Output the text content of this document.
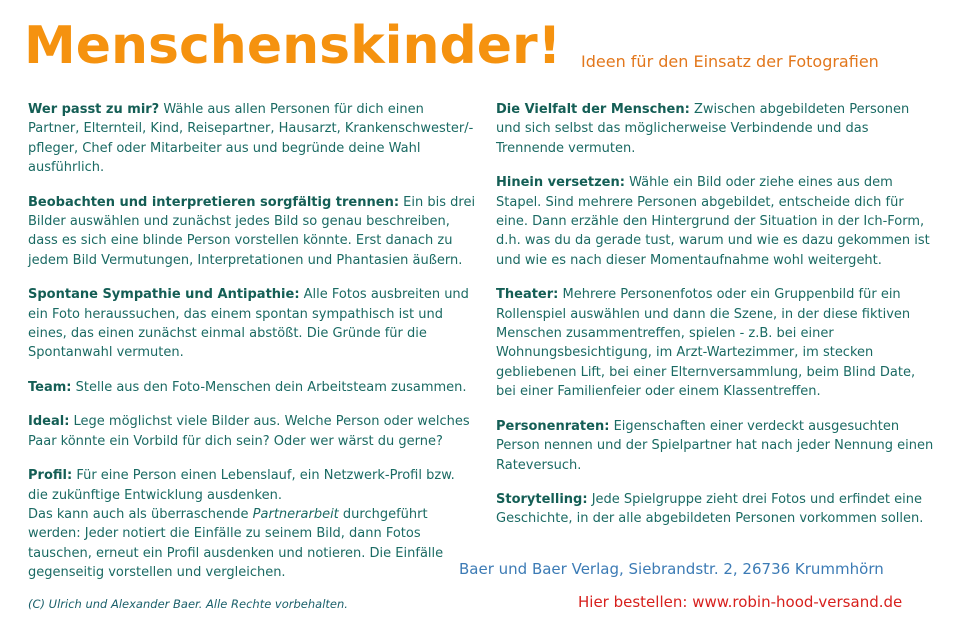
Menschenskinder! Ideen für den Einsatz der Fotografien

Wer passt zu mir? Wähle aus allen Personen für dich einen Partner, Elternteil, Kind, Reisepartner, Hausarzt, Krankenschwester/-pfleger, Chef oder Mitarbeiter aus und begründe deine Wahl ausführlich.

Beobachten und interpretieren sorgfältig trennen: Ein bis drei Bilder auswählen und zunächst jedes Bild so genau beschreiben, dass es sich eine blinde Person vorstellen könnte. Erst danach zu jedem Bild Vermutungen, Interpretationen und Phantasien äußern.

Spontane Sympathie und Antipathie: Alle Fotos ausbreiten und ein Foto heraussuchen, das einem spontan sympathisch ist und eines, das einen zunächst einmal abstößt. Die Gründe für die Spontanwahl vermuten.

Team: Stelle aus den Foto-Menschen dein Arbeitsteam zusammen.

Ideal: Lege möglichst viele Bilder aus. Welche Person oder welches Paar könnte ein Vorbild für dich sein? Oder wer wärst du gerne?

Profil: Für eine Person einen Lebenslauf, ein Netzwerk-Profil bzw. die zukünftige Entwicklung ausdenken.
Das kann auch als überraschende Partnerarbeit durchgeführt werden: Jeder notiert die Einfälle zu seinem Bild, dann Fotos tauschen, erneut ein Profil ausdenken und notieren. Die Einfälle gegenseitig vorstellen und vergleichen.

Die Vielfalt der Menschen: Zwischen abgebildeten Personen und sich selbst das möglicherweise Verbindende und das Trennende vermuten.

Hinein versetzen: Wähle ein Bild oder ziehe eines aus dem Stapel. Sind mehrere Personen abgebildet, entscheide dich für eine. Dann erzähle den Hintergrund der Situation in der Ich-Form, d.h. was du da gerade tust, warum und wie es dazu gekommen ist und wie es nach dieser Momentaufnahme wohl weitergeht.

Theater: Mehrere Personenfotos oder ein Gruppenbild für ein Rollenspiel auswählen und dann die Szene, in der diese fiktiven Menschen zusammentreffen, spielen - z.B. bei einer Wohnungsbesichtigung, im Arzt-Wartezimmer, im stecken gebliebenen Lift, bei einer Elternversammlung, beim Blind Date, bei einer Familienfeier oder einem Klassentreffen.

Personenraten: Eigenschaften einer verdeckt ausgesuchten Person nennen und der Spielpartner hat nach jeder Nennung einen Rateversuch.

Storytelling: Jede Spielgruppe zieht drei Fotos und erfindet eine Geschichte, in der alle abgebildeten Personen vorkommen sollen.

Baer und Baer Verlag, Siebrandstr. 2, 26736 Krummhörn
(C) Ulrich und Alexander Baer. Alle Rechte vorbehalten.	Hier bestellen: www.robin-hood-versand.de
